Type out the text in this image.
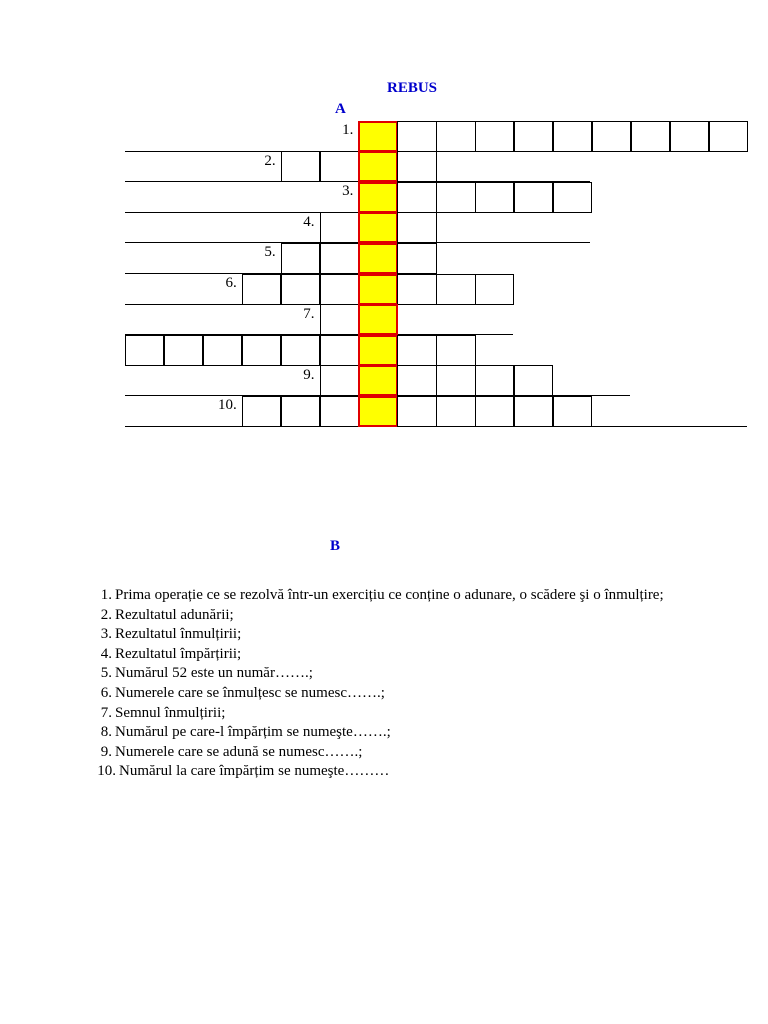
REBUS
A
1.
2.
3.
4.
5.
6.
7.
9.
10.
B
1. Prima operație ce se rezolvă într-un exercițiu ce conține o adunare, o scădere şi o înmulțire;
2. Rezultatul adunării;
3. Rezultatul înmulțirii;
4. Rezultatul împărțirii;
5. Numărul 52 este un număr…….;
6. Numerele care se înmulțesc se numesc…….;
7. Semnul înmulțirii;
8. Numărul pe care-l împărțim se numeşte…….;
9. Numerele care se adună se numesc…….;
10. Numărul la care împărțim se numeşte………
